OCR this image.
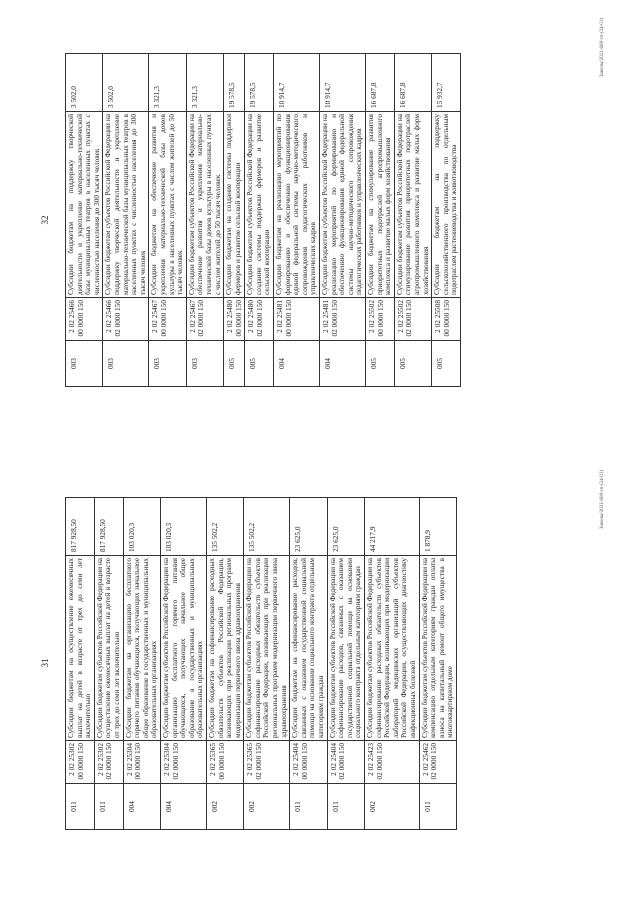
32
003	2 02 25466 00 0000 150	Субсидии бюджетам на поддержку творческой деятельности и укрепление материально-технической базы муниципальных театров в населенных пунктах с численностью населения до 300 тысяч человек	3 502,0
003	2 02 25466 02 0000 150	Субсидии бюджетам субъектов Российской Федерации на поддержку творческой деятельности и укрепление материально-технической базы муниципальных театров в населенных пунктах с численностью населения до 300 тысяч человек	3 502,0
003	2 02 25467 00 0000 150	Субсидии бюджетам на обеспечение развития и укрепления материально-технической базы домов культуры в населенных пунктах с числом жителей до 50 тысяч человек	3 321,3
003	2 02 25467 02 0000 150	Субсидии бюджетам субъектов Российской Федерации на обеспечение развития и укрепления материально-технической базы домов культуры в населенных пунктах с числом жителей до 50 тысяч человек	3 321,3
005	2 02 25480 00 0000 150	Субсидии бюджетам на создание системы поддержки фермеров и развитие сельской кооперации	19 578,5
005	2 02 25480 02 0000 150	Субсидии бюджетам субъектов Российской Федерации на создание системы поддержки фермеров и развитие сельской кооперации	19 578,5
004	2 02 25481 00 0000 150	Субсидии бюджетам на реализацию мероприятий по формированию и обеспечению функционирования единой федеральной системы научно-методического сопровождения педагогических работников и управленческих кадров	10 914,7
004	2 02 25481 02 0000 150	Субсидии бюджетам субъектов Российской Федерации на реализацию мероприятий по формированию и обеспечению функционирования единой федеральной системы научно-методического сопровождения педагогических работников и управленческих кадров	10 914,7
005	2 02 25502 00 0000 150	Субсидии бюджетам на стимулирование развития приоритетных подотраслей агропромышленного комплекса и развитие малых форм хозяйствования	16 687,8
005	2 02 25502 02 0000 150	Субсидии бюджетам субъектов Российской Федерации на стимулирование развития приоритетных подотраслей агропромышленного комплекса и развитие малых форм хозяйствования	16 687,8
005	2 02 25508 00 0000 150	Субсидии бюджетам на поддержку сельскохозяйственного производства по отдельным подотраслям растениеводства и животноводства	15 932,7
Законы/2021-608-гп-(24-01)
31
011	2 02 25302 00 0000 150	Субсидии бюджетам на осуществление ежемесячных выплат на детей в возрасте от трех до семи лет включительно	817 928,50
011	2 02 25302 02 0000 150	Субсидии бюджетам субъектов Российской Федерации на осуществление ежемесячных выплат на детей в возрасте от трех до семи лет включительно	817 928,50
004	2 02 25304 00 0000 150	Субсидии бюджетам на организацию бесплатного горячего питания обучающихся, получающих начальное общее образование в государственных и муниципальных образовательных организациях	103 020,3
004	2 02 25304 02 0000 150	Субсидии бюджетам субъектов Российской Федерации на организацию бесплатного горячего питания обучающихся, получающих начальное общее образование в государственных и муниципальных образовательных организациях	103 020,3
002	2 02 25365 00 0000 150	Субсидии бюджетам на софинансирование расходных обязательств субъектов Российской Федерации, возникающих при реализации региональных программ модернизации первичного звена здравоохранения	135 502,2
002	2 02 25365 02 0000 150	Субсидии бюджетам субъектов Российской Федерации на софинансирование расходных обязательств субъектов Российской Федерации, возникающих при реализации региональных программ модернизации первичного звена здравоохранения	135 502,2
011	2 02 25404 00 0000 150	Субсидии бюджетам на софинансирование расходов, связанных с оказанием государственной социальной помощи на основании социального контракта отдельным категориям граждан	23 625,0
011	2 02 25404 02 0000 150	Субсидии бюджетам субъектов Российской Федерации на софинансирование расходов, связанных с оказанием государственной социальной помощи на основании социального контракта отдельным категориям граждан	23 625,0
002	2 02 25423 02 0000 150	Субсидии бюджетам субъектов Российской Федерации на софинансирование расходных обязательств субъектов Российской Федерации, возникающих при модернизации лабораторий медицинских организаций субъектов Российской Федерации, осуществляющих диагностику инфекционных болезней	44 217,9
011	2 02 25462 02 0000 150	Субсидии бюджетам субъектов Российской Федерации на компенсацию отдельным категориям граждан оплаты взноса на капитальный ремонт общего имущества в многоквартирном доме	1 878,9
Законы/2021-608-гп-(24-01)
